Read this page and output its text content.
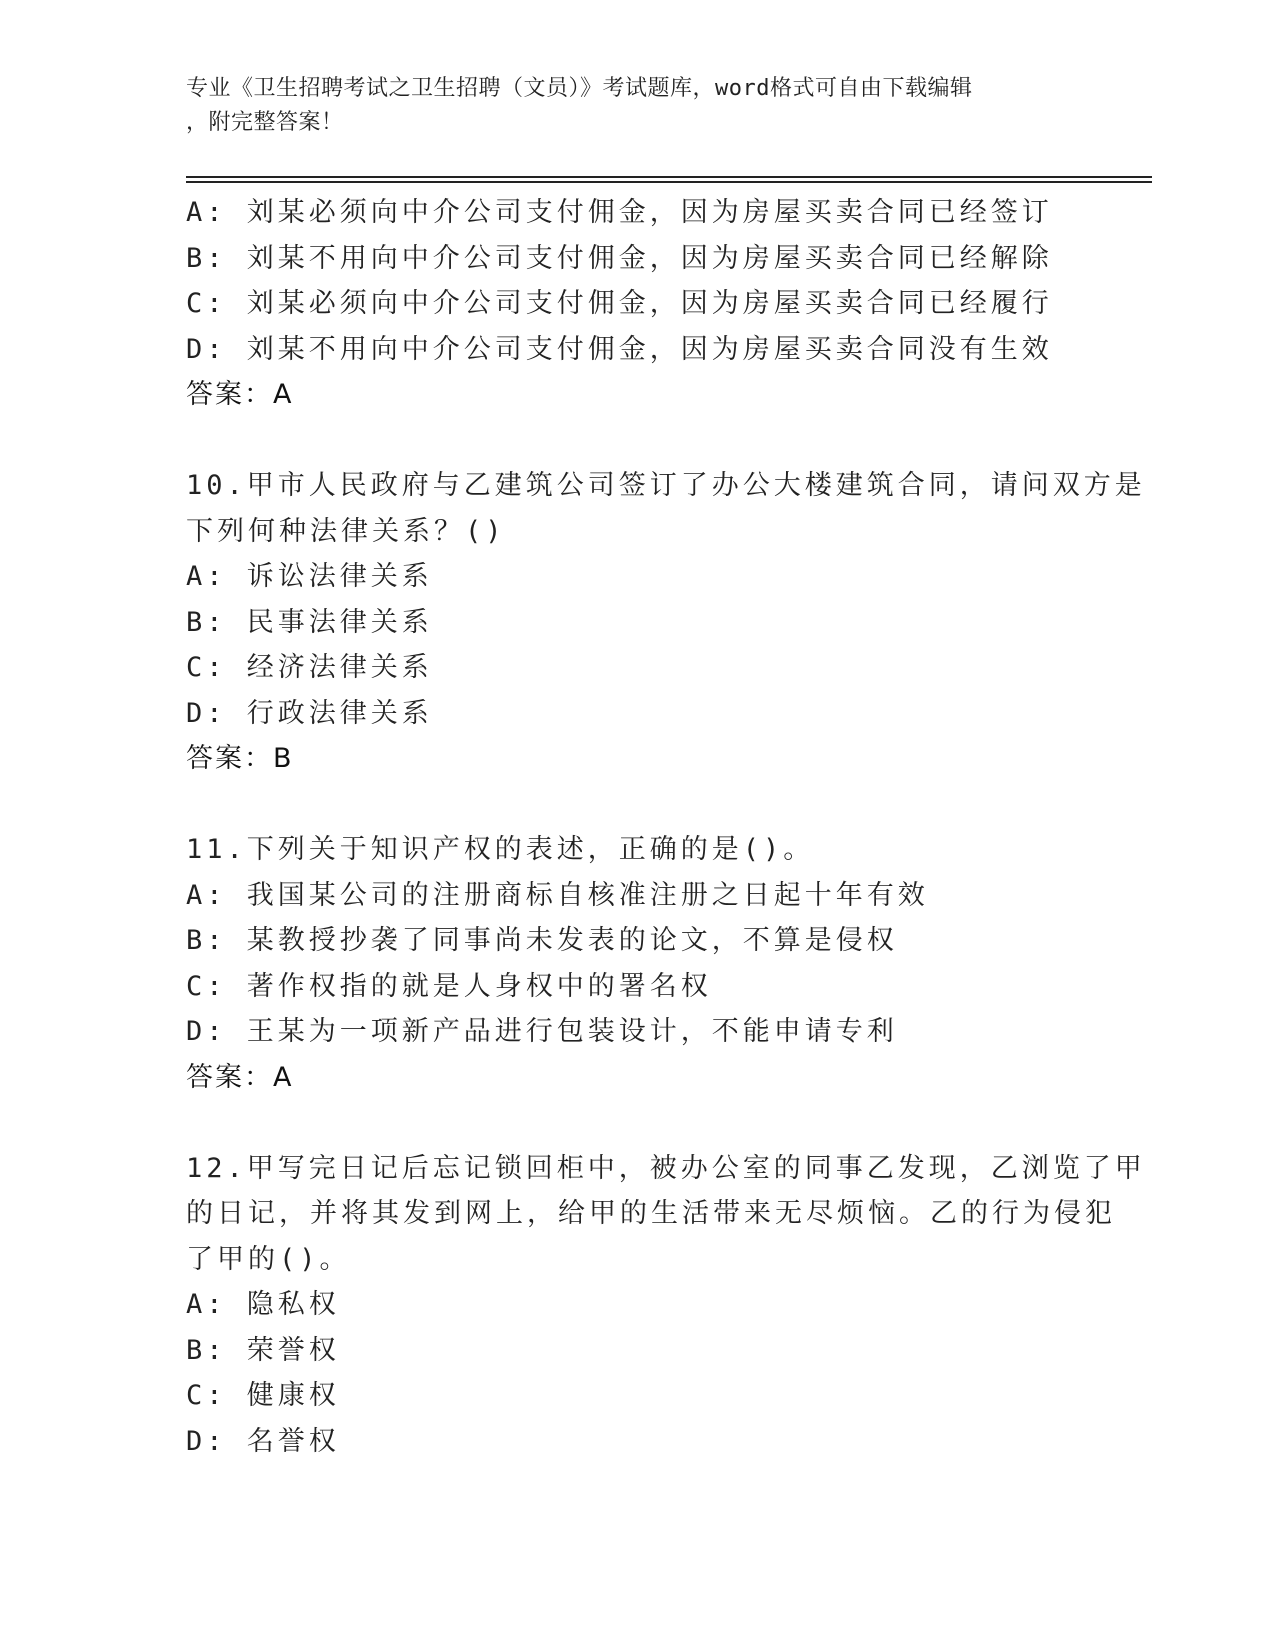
专业《卫生招聘考试之卫生招聘（文员）》考试题库，word格式可自由下载编辑
，附完整答案！
A: 刘某必须向中介公司支付佣金，因为房屋买卖合同已经签订
B: 刘某不用向中介公司支付佣金，因为房屋买卖合同已经解除
C: 刘某必须向中介公司支付佣金，因为房屋买卖合同已经履行
D: 刘某不用向中介公司支付佣金，因为房屋买卖合同没有生效
答案：A
10.甲市人民政府与乙建筑公司签订了办公大楼建筑合同，请问双方是
下列何种法律关系？()
A: 诉讼法律关系
B: 民事法律关系
C: 经济法律关系
D: 行政法律关系
答案：B
11.下列关于知识产权的表述，正确的是()。
A: 我国某公司的注册商标自核准注册之日起十年有效
B: 某教授抄袭了同事尚未发表的论文，不算是侵权
C: 著作权指的就是人身权中的署名权
D: 王某为一项新产品进行包装设计，不能申请专利
答案：A
12.甲写完日记后忘记锁回柜中，被办公室的同事乙发现，乙浏览了甲
的日记，并将其发到网上，给甲的生活带来无尽烦恼。乙的行为侵犯
了甲的()。
A: 隐私权
B: 荣誉权
C: 健康权
D: 名誉权
